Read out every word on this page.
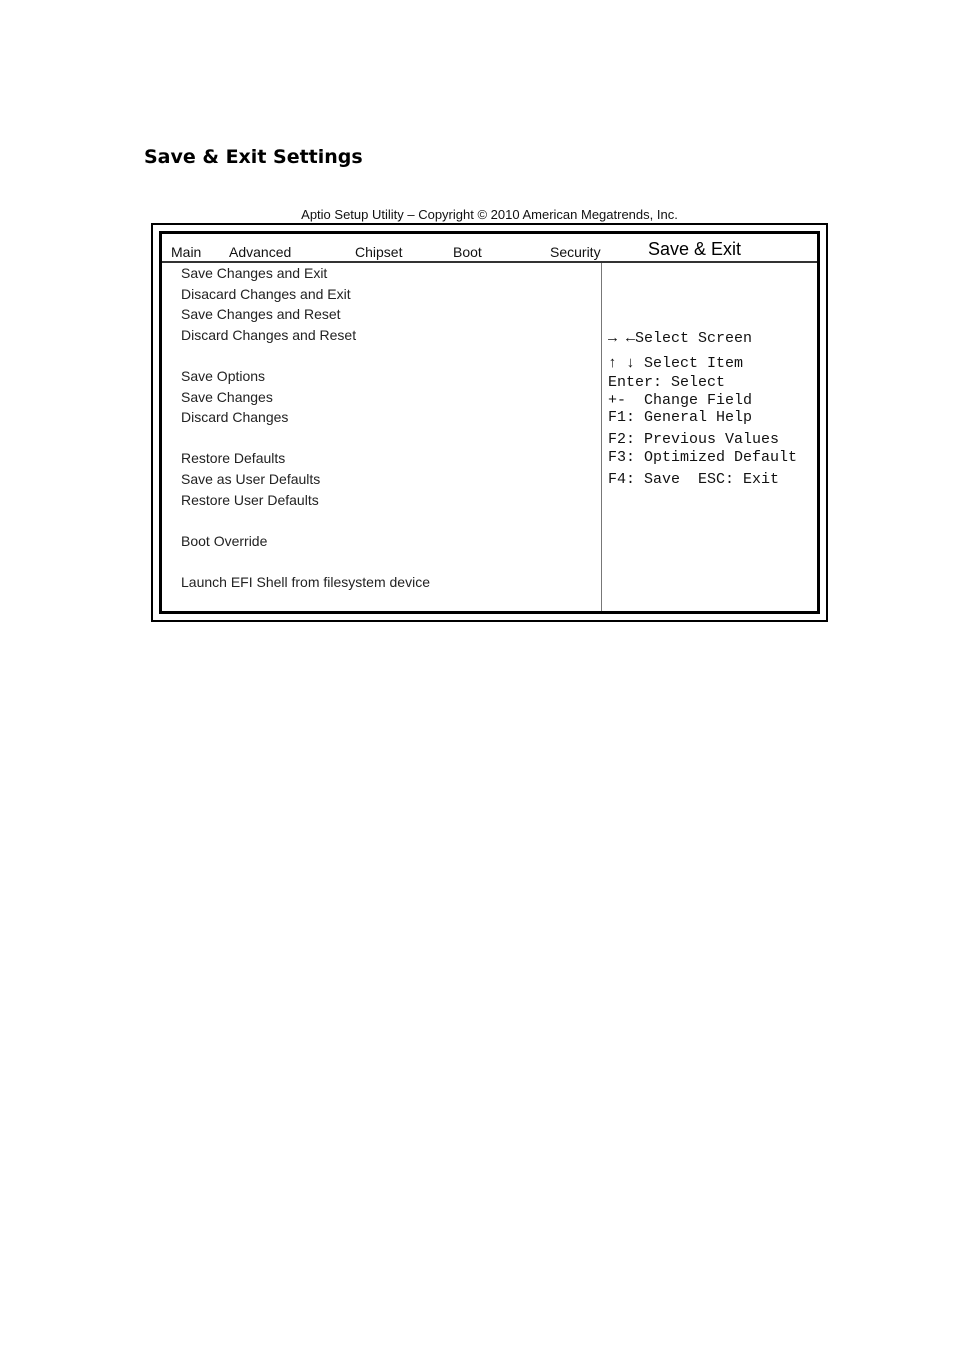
Save & Exit Settings
Aptio Setup Utility – Copyright © 2010 American Megatrends, Inc.
Main Advanced	Chipset	Boot	Security	Save & Exit
Save Changes and Exit
Disacard Changes and Exit
Save Changes and Reset
Discard Changes and Reset
Save Options
Save Changes
Discard Changes
Restore Defaults
Save as User Defaults
Restore User Defaults
Boot Override
Launch EFI Shell from filesystem device
→ ←Select Screen
↑ ↓ Select Item
Enter: Select
+-  Change Field
F1: General Help
F2: Previous Values
F3: Optimized Default
F4: Save  ESC: Exit
